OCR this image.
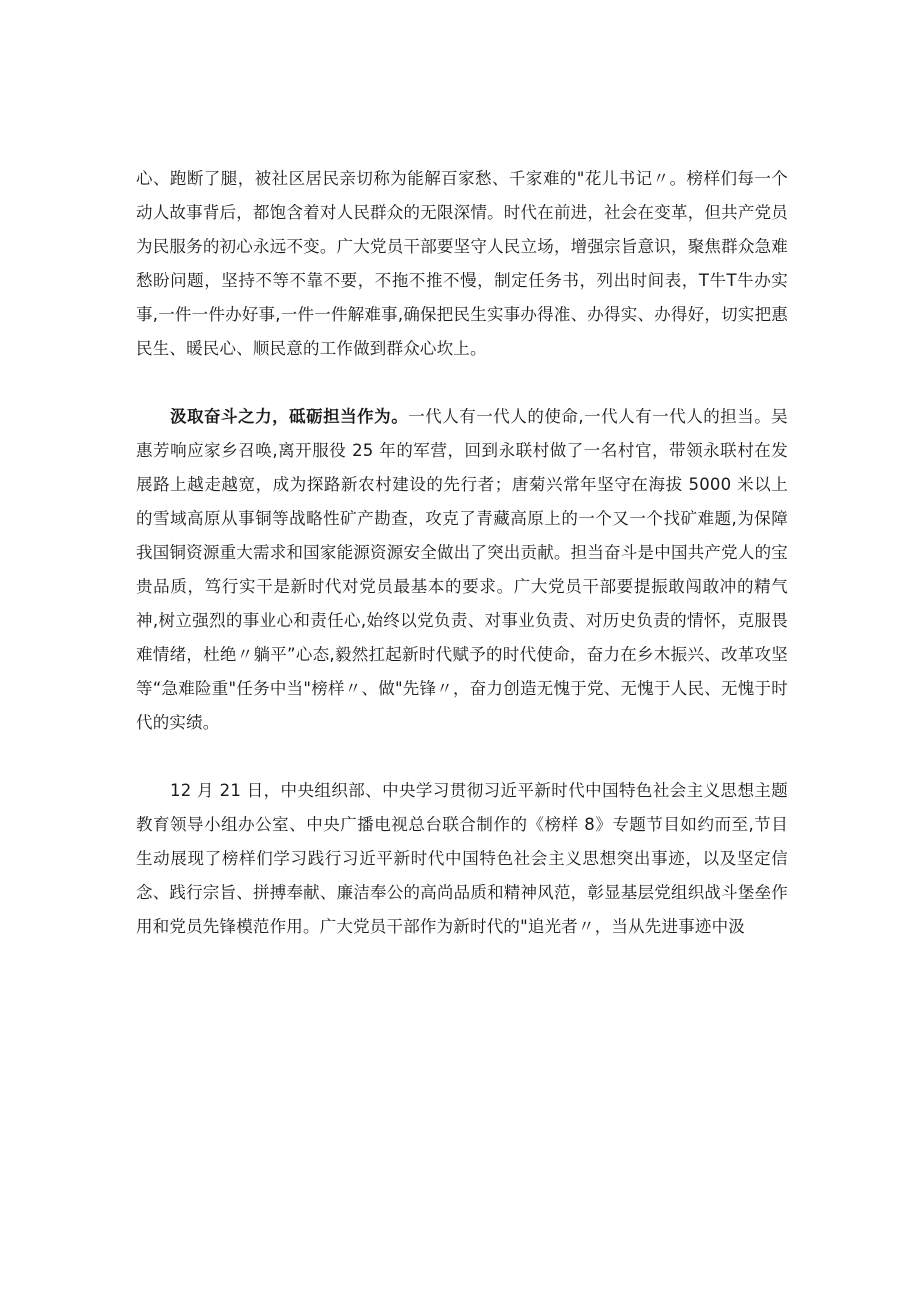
心、跑断了腿，被社区居民亲切称为能解百家愁、千家难的"花儿书记〃。榜样们每一个动人故事背后，都饱含着对人民群众的无限深情。时代在前进，社会在变革，但共产党员为民服务的初心永远不变。广大党员干部要坚守人民立场，增强宗旨意识，聚焦群众急难愁盼问题，坚持不等不靠不要，不拖不推不慢，制定任务书，列出时间表，T牛T牛办实事,一件一件办好事,一件一件解难事,确保把民生实事办得准、办得实、办得好，切实把惠民生、暖民心、顺民意的工作做到群众心坎上。

汲取奋斗之力，砥砺担当作为。一代人有一代人的使命,一代人有一代人的担当。吴惠芳响应家乡召唤,离开服役 25 年的军营，回到永联村做了一名村官，带领永联村在发展路上越走越宽，成为探路新农村建设的先行者；唐菊兴常年坚守在海拔 5000 米以上的雪域高原从事铜等战略性矿产勘查，攻克了青藏高原上的一个又一个找矿难题,为保障我国铜资源重大需求和国家能源资源安全做出了突出贡献。担当奋斗是中国共产党人的宝贵品质，笃行实干是新时代对党员最基本的要求。广大党员干部要提振敢闯敢冲的精气神,树立强烈的事业心和责任心,始终以党负责、对事业负责、对历史负责的情怀，克服畏难情绪，杜绝〃躺平”心态,毅然扛起新时代赋予的时代使命，奋力在乡木振兴、改革攻坚等“急难险重"任务中当"榜样〃、做"先锋〃，奋力创造无愧于党、无愧于人民、无愧于时代的实绩。

12 月 21 日，中央组织部、中央学习贯彻习近平新时代中国特色社会主义思想主题教育领导小组办公室、中央广播电视总台联合制作的《榜样 8》专题节目如约而至,节目生动展现了榜样们学习践行习近平新时代中国特色社会主义思想突出事迹，以及坚定信念、践行宗旨、拼搏奉献、廉洁奉公的高尚品质和精神风范，彰显基层党组织战斗堡垒作用和党员先锋模范作用。广大党员干部作为新时代的"追光者〃，当从先进事迹中汲
